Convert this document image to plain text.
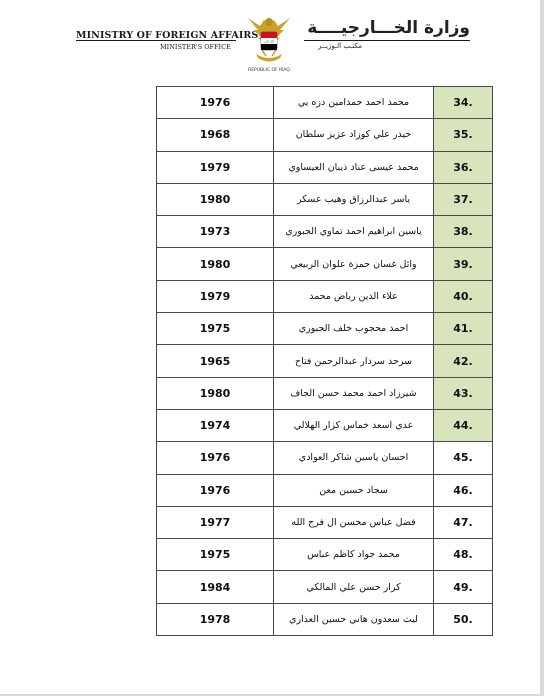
MINISTRY OF FOREIGN AFFAIRS
MINISTER'S OFFICE
الله أكبر
REPUBLIC OF IRAQ
وزارة الخـــارجيــــة
مكتـب الـوزيــر
1976	محمد احمد حمدامين دزه يي	34.
1968	حيدر علي كوزاد عزيز سلطان	35.
1979	محمد عيسى عناد ذيبان العيساوي	36.
1980	ياسر عبدالرزاق وهيب عسكر	37.
1973	ياسين ابراهيم احمد تماوي الجبوري	38.
1980	وائل غسان حمزة علوان الربيعي	39.
1979	علاء الدين رياض محمد	40.
1975	احمد محجوب خلف الجبوري	41.
1965	سرحد سردار عبدالرحمن فتاح	42.
1980	شيرزاد احمد محمد حسن الجاف	43.
1974	عدي اسعد خماس كزار الهلالي	44.
1976	احسان ياسين شاكر العوادي	45.
1976	سجاد حسين معن	46.
1977	فضل عباس محسن ال فرج الله	47.
1975	محمد جواد كاظم عباس	48.
1984	كرار حسن علي المالكي	49.
1978	ليث سعدون هاني حسين العذاري	50.
